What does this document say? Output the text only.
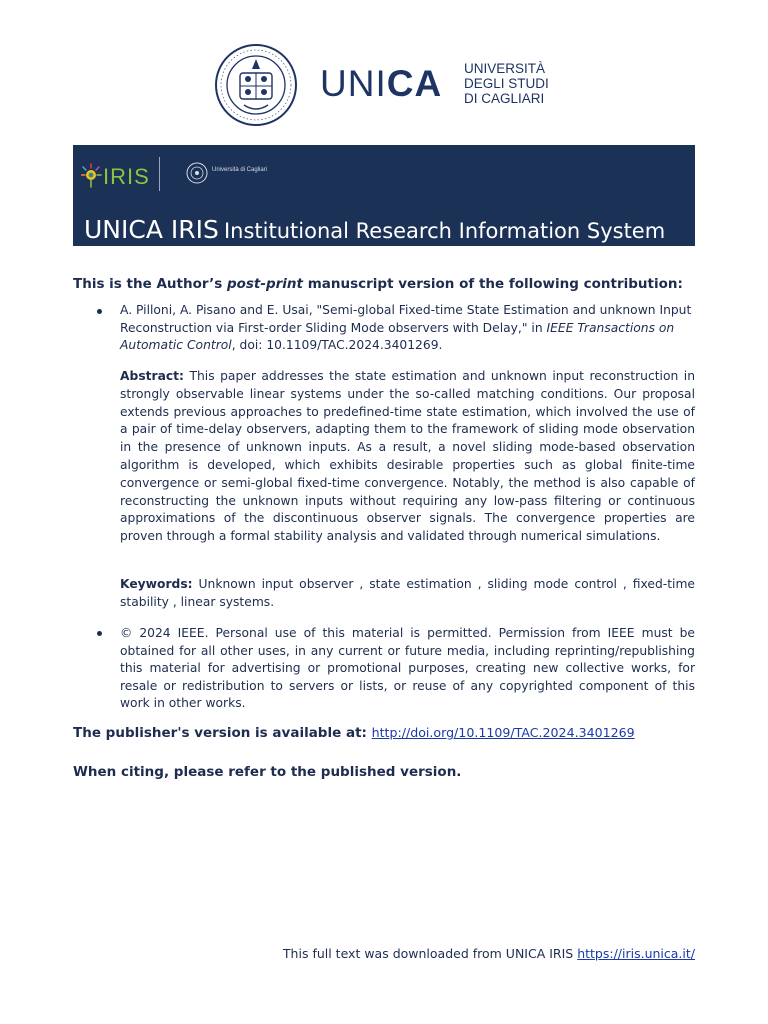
UNICA UNIVERSITÀ
DEGLI STUDI
DI CAGLIARI
IRIS	Università di Cagliari
UNICA IRIS Institutional Research Information System
This is the Author’s post-print manuscript version of the following contribution:
A. Pilloni, A. Pisano and E. Usai, "Semi-global Fixed-time State Estimation and unknown Input Reconstruction via First-order Sliding Mode observers with Delay," in IEEE Transactions on Automatic Control, doi: 10.1109/TAC.2024.3401269.
Abstract: This paper addresses the state estimation and unknown input reconstruction in strongly observable linear systems under the so-called matching conditions. Our proposal extends previous approaches to predefined-time state estimation, which involved the use of a pair of time-delay observers, adapting them to the framework of sliding mode observation in the presence of unknown inputs. As a result, a novel sliding mode-based observation algorithm is developed, which exhibits desirable properties such as global finite-time convergence or semi-global fixed-time convergence. Notably, the method is also capable of reconstructing the unknown inputs without requiring any low-pass filtering or continuous approximations of the discontinuous observer signals. The convergence properties are proven through a formal stability analysis and validated through numerical simulations.
Keywords: Unknown input observer , state estimation , sliding mode control , fixed-time stability , linear systems.
© 2024 IEEE. Personal use of this material is permitted. Permission from IEEE must be obtained for all other uses, in any current or future media, including reprinting/republishing this material for advertising or promotional purposes, creating new collective works, for resale or redistribution to servers or lists, or reuse of any copyrighted component of this work in other works.
The publisher's version is available at: http://doi.org/10.1109/TAC.2024.3401269
When citing, please refer to the published version.
This full text was downloaded from UNICA IRIS https://iris.unica.it/
